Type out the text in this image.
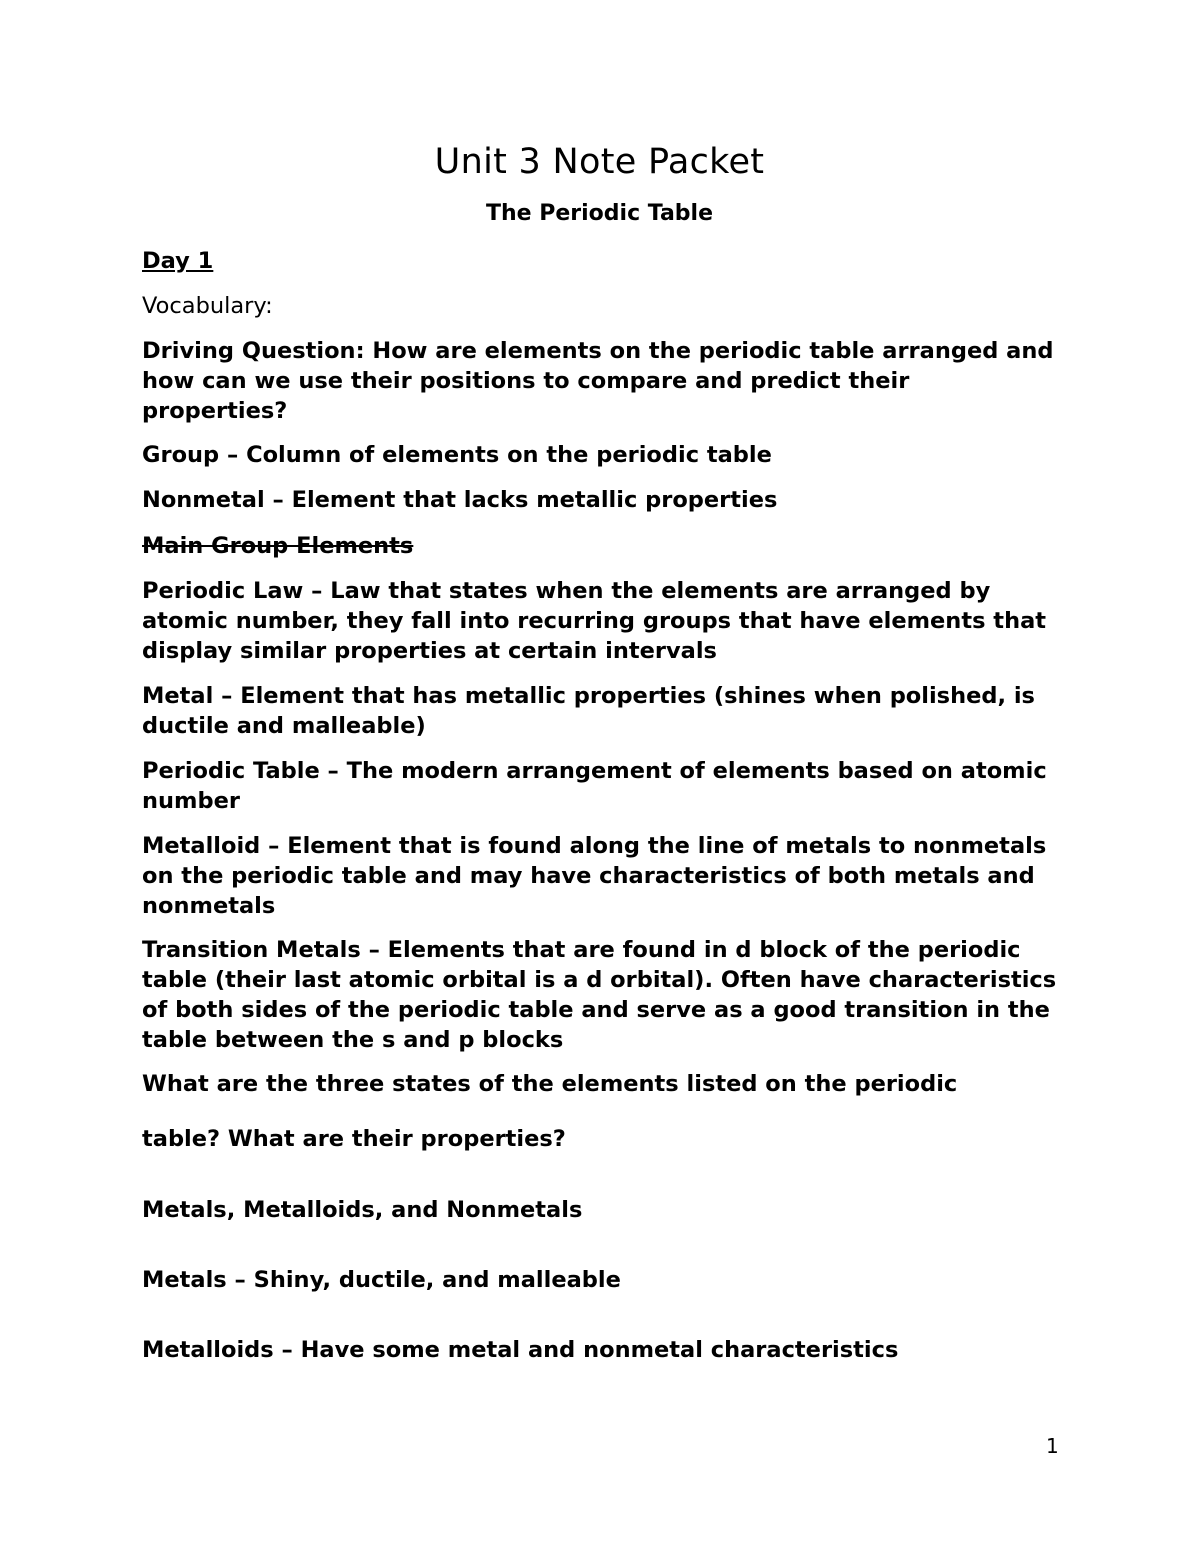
Unit 3 Note Packet
The Periodic Table
Day 1
Vocabulary:
Driving Question: How are elements on the periodic table arranged and how can we use their positions to compare and predict their properties?
Group – Column of elements on the periodic table
Nonmetal – Element that lacks metallic properties
Main Group Elements
Periodic Law – Law that states when the elements are arranged by atomic number, they fall into recurring groups that have elements that display similar properties at certain intervals
Metal – Element that has metallic properties (shines when polished, is ductile and malleable)
Periodic Table – The modern arrangement of elements based on atomic number
Metalloid – Element that is found along the line of metals to nonmetals on the periodic table and may have characteristics of both metals and nonmetals
Transition Metals – Elements that are found in d block of the periodic table (their last atomic orbital is a d orbital). Often have characteristics of both sides of the periodic table and serve as a good transition in the table between the s and p blocks
What are the three states of the elements listed on the periodic
table? What are their properties?
Metals, Metalloids, and Nonmetals
Metals – Shiny, ductile, and malleable
Metalloids – Have some metal and nonmetal characteristics
1
